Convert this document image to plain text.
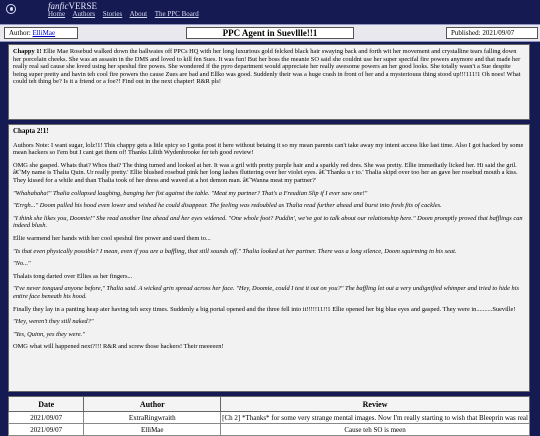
fanficVERSE
Home Authors Stories About The PPC Board
Author: ElliMae	PPC Agent in Suevllle!!1	Published: 2021/09/07

Chappy 1! Ellie Mae Rosebud walked down the hallwaies off PPCs HQ with her long luxurious gold felcked black hair swaying back and forth wit her movement and crystalline tears falling down her porcelain cheeks. She was an assasin in the DMS and loved to kill fen Sues. It was fun! But her boss the meanie SO said she couldnt use her super specifal fire powers anymore and that made her really real sad cause she loved using her speshul fire powes. She wondered if the pyro department would appreciate her really awesome powers an her good looks. She totally wasn't a Sue despite being super pretty and havin teh cool fire powers tho cause Zues are bad and Ellko was good. Suddenly their was a huge crash in front of her and a mysteriouus thing stood up!!!111!1 Oh noes! What could teh thing be? Is it a friend or a foe?! Find out in the next chapter! R&R pls!

Chapta 2!1!

Authors Note: I want sugar, lolz!1! This chappy gets a litle spicy so I gotta post it here without betaing it so my mean parents can't take away my intent access like last time. Also I got hacked by some mean hackers so I'em but I cant get them of! Thanks Lilith Wydenbrooke fer teh good review!

OMG she gasped. Whats that? Whos that? The thing turned and looked at her. It was a gril with pretty purple hair and a sparkly red dres. She was pretty. Ellie immediatly licked her. Hi said the gril. â€˜My name is Thalia Quin. Ur really pretty.' Ellie blushed rosebud pink her long lashes fluttering over her violet eyes. â€˜Thanks u r to.' Thalia skipd over too her an gave her rosebud mouth a kiss. They kissed for a while and than Thalia took of her dress and waved at a hot demon man. â€˜Wanna meat my partner?'

"Whahahaha!" Thalia collapsed laughing, banging her fist against the table. "Meat my partner? That's a Freudian Slip if I ever saw one!"

"Errgh..." Doom pulled his hood even lower and wished he could disappear. The feeling was redoubled as Thalia read further ahead and burst into fresh fits of cackles.

"I think she likes you, Doomie!" She read another line ahead and her eyes widened. "One whole foot? Puddin', we've got to talk about our relationship here." Doom promptly proved that bafflings can indeed blush.

Ellie warmend her hands with her cool speshul fire power and used them to...

"Is that even physically possible? I mean, even if you are a baffling, that still sounds off." Thalia looked at her partner. There was a long silence, Doom squirming in his seat.

"No..."

Thalais tong darted over Ellies as her fingers...

"I've never tongued anyone before," Thalia said. A wicked grin spread across her face. "Hey, Doomie, could I test it out on you?" The baffling let out a very undignified whimper and tried to hide his entire face beneath his hood.

Finally they lay in a panting heap ater having teh sexy times. Suddenly a big portal opened and the three fell into it!!!!!11!!1 Ellie opened her big blue eyes and gasped. They were in..........Sueville!

"Hey, weren't they still naked?"

"Yes, Quinn, yes they were."

OMG what will happened next?!!! R&R and screw those hackers! Their meeeeen!

Date	Author	Review
2021/09/07	ExtraRingwraith	[Ch 2] *Thanks* for some very strange mental images. Now I'm really starting to wish that Bleeprin was real
2021/09/07	ElliMae	Cause teh SO is meen
